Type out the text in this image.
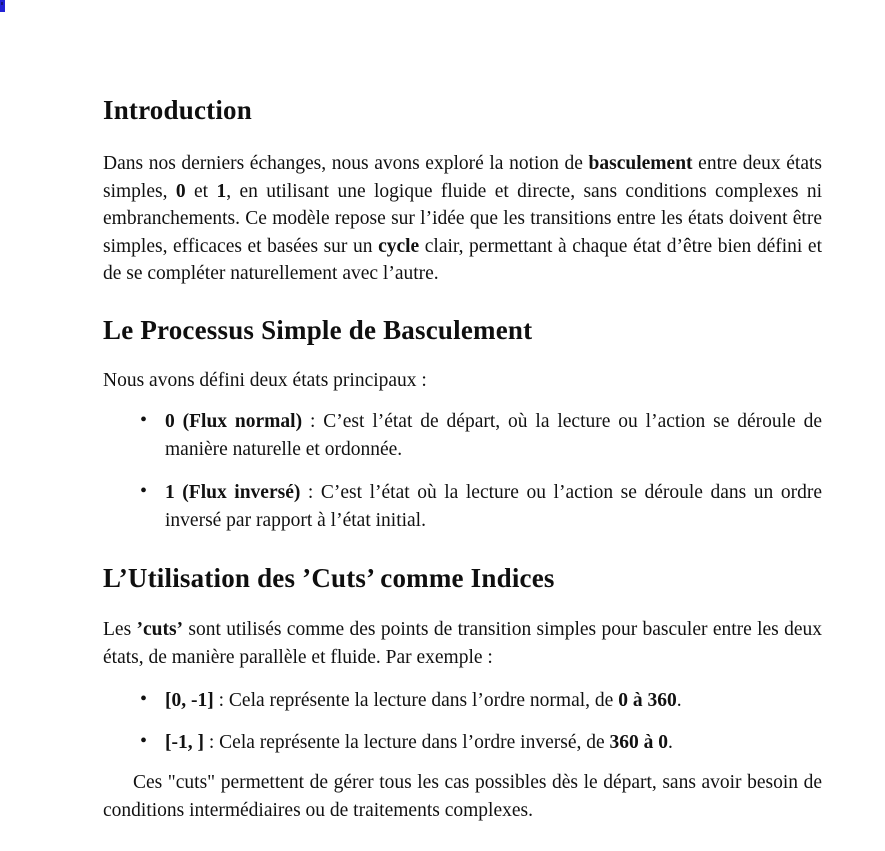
Introduction

Dans nos derniers échanges, nous avons exploré la notion de basculement entre deux états simples, 0 et 1, en utilisant une logique fluide et directe, sans conditions complexes ni embranchements. Ce modèle repose sur l’idée que les transitions entre les états doivent être simples, efficaces et basées sur un cycle clair, permettant à chaque état d’être bien défini et de se compléter naturellement avec l’autre.

Le Processus Simple de Basculement

Nous avons défini deux états principaux :

• 0 (Flux normal) : C’est l’état de départ, où la lecture ou l’action se déroule de manière naturelle et ordonnée.
• 1 (Flux inversé) : C’est l’état où la lecture ou l’action se déroule dans un ordre inversé par rapport à l’état initial.
L’Utilisation des ’Cuts’ comme Indices

Les ’cuts’ sont utilisés comme des points de transition simples pour basculer entre les deux états, de manière parallèle et fluide. Par exemple :

• [0, -1] : Cela représente la lecture dans l’ordre normal, de 0 à 360.
• [-1, ] : Cela représente la lecture dans l’ordre inversé, de 360 à 0.

Ces "cuts" permettent de gérer tous les cas possibles dès le départ, sans avoir besoin de conditions intermédiaires ou de traitements complexes.
